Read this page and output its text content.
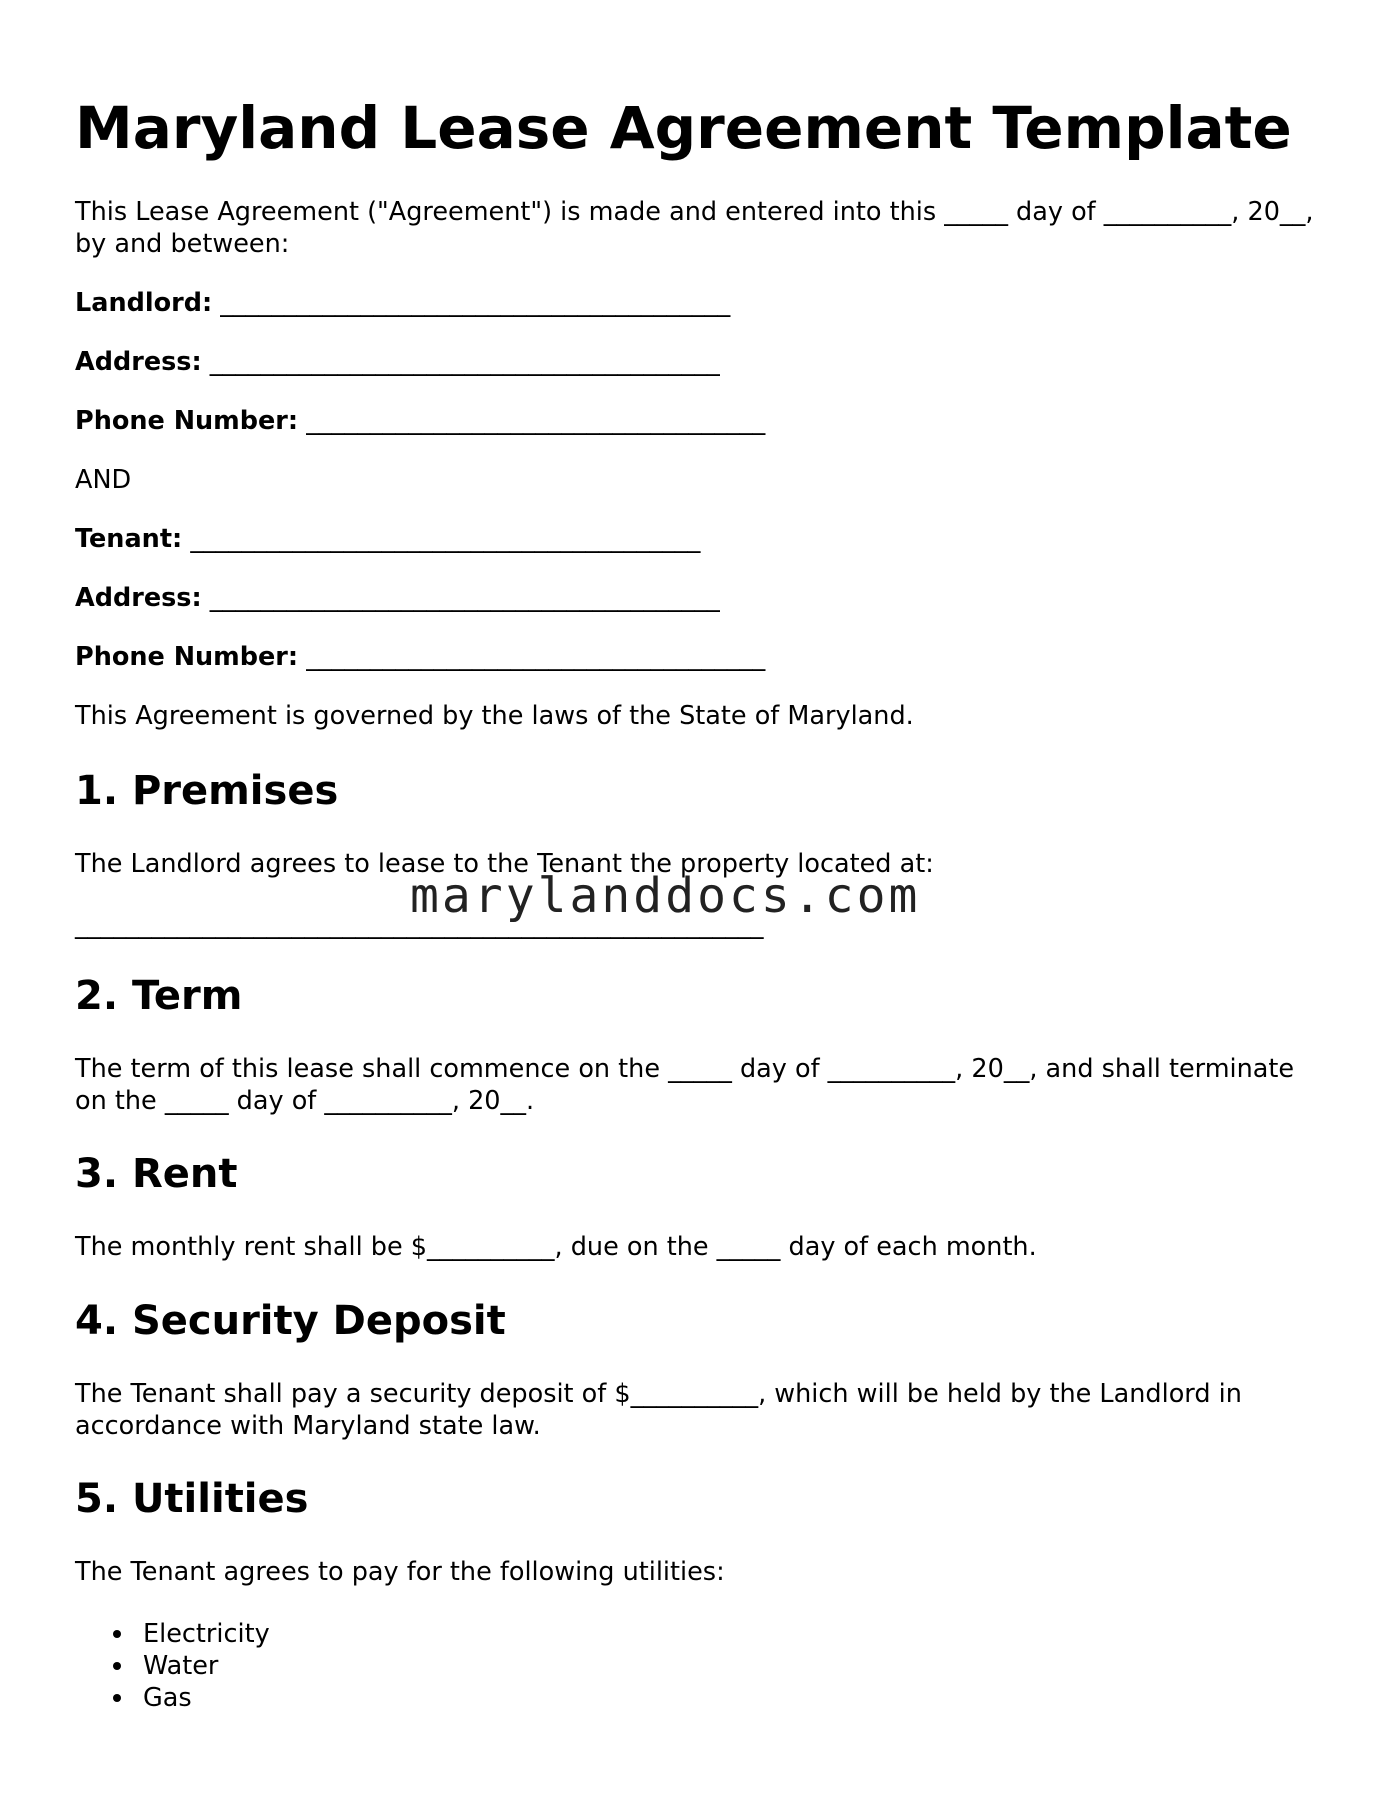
Maryland Lease Agreement Template

This Lease Agreement ("Agreement") is made and entered into this _____ day of __________, 20__, by and between:

Landlord: ________________________________________

Address: ________________________________________

Phone Number: ____________________________________

AND

Tenant: ________________________________________

Address: ________________________________________

Phone Number: ____________________________________

This Agreement is governed by the laws of the State of Maryland.

1. Premises

The Landlord agrees to lease to the Tenant the property located at:

______________________________________________________

2. Term

The term of this lease shall commence on the _____ day of __________, 20__, and shall terminate on the _____ day of __________, 20__.

3. Rent

The monthly rent shall be $__________, due on the _____ day of each month.

4. Security Deposit

The Tenant shall pay a security deposit of $__________, which will be held by the Landlord in accordance with Maryland state law.

5. Utilities

The Tenant agrees to pay for the following utilities:

Electricity
Water
Gas
marylanddocs.com
